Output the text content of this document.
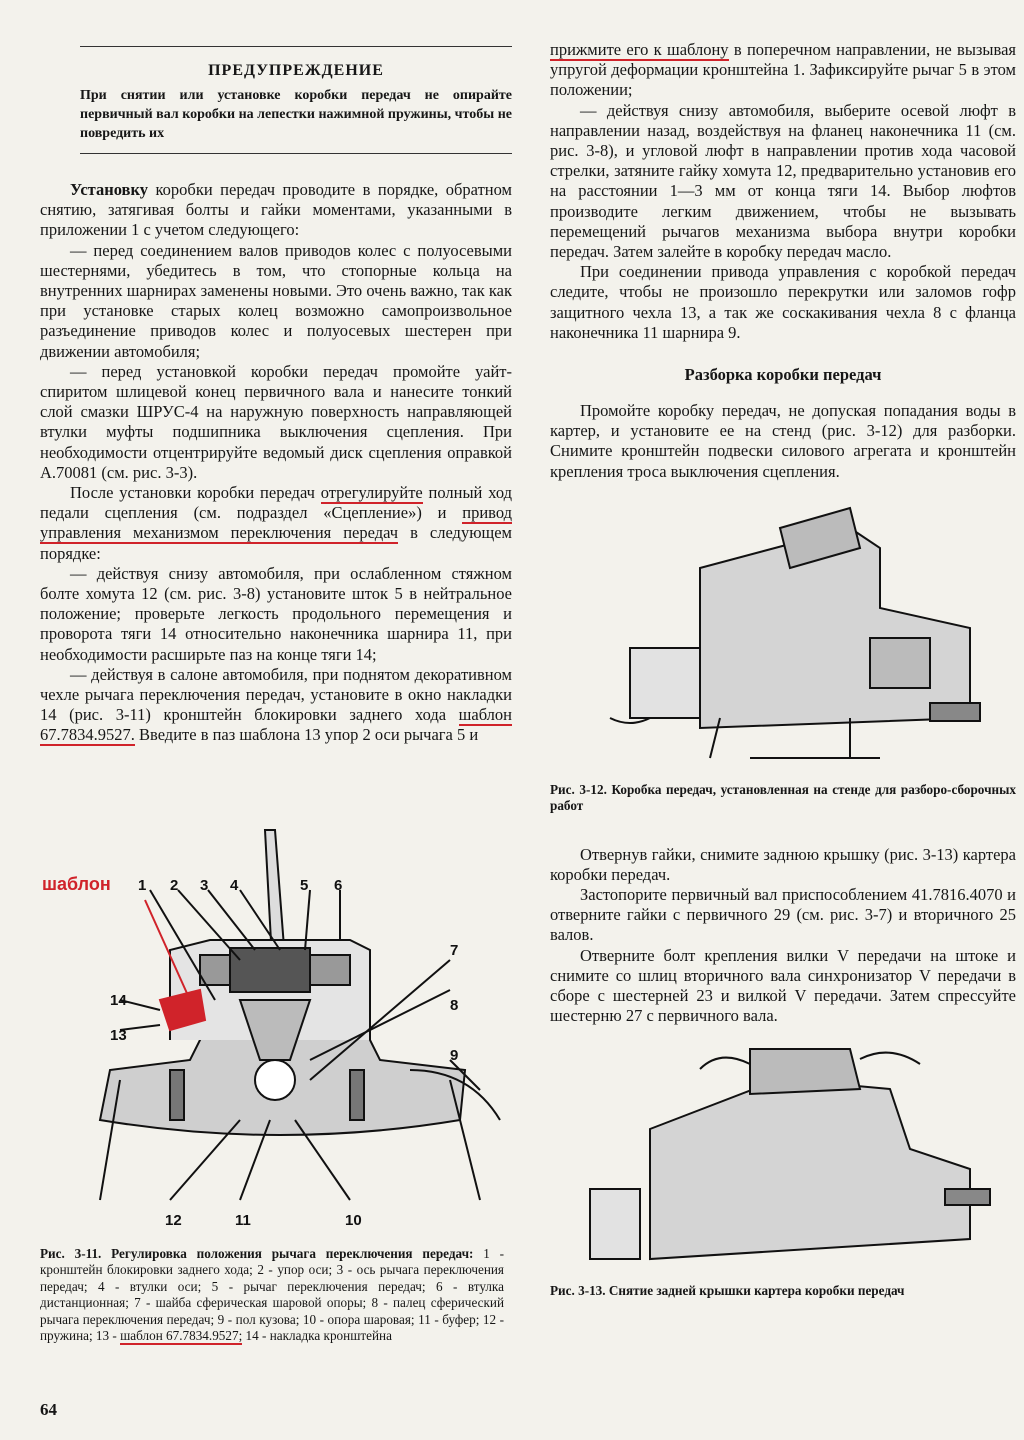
ПРЕДУПРЕЖДЕНИЕ
При снятии или установке коробки передач не опирайте первичный вал коробки на лепестки нажимной пружины, чтобы не повредить их

Установку коробки передач проводите в порядке, обратном снятию, затягивая болты и гайки моментами, указанными в приложении 1 с учетом следующего:

— перед соединением валов приводов колес с полуосевыми шестернями, убедитесь в том, что стопорные кольца на внутренних шарнирах заменены новыми. Это очень важно, так как при установке старых колец возможно самопроизвольное разъединение приводов колес и полуосевых шестерен при движении автомобиля;

— перед установкой коробки передач промойте уайт-спиритом шлицевой конец первичного вала и нанесите тонкий слой смазки ШРУС-4 на наружную поверхность направляющей втулки муфты подшипника выключения сцепления. При необходимости отцентрируйте ведомый диск сцепления оправкой А.70081 (см. рис. 3-3).

После установки коробки передач отрегулируйте полный ход педали сцепления (см. подраздел «Сцепление») и привод управления механизмом переключения передач в следующем порядке:

— действуя снизу автомобиля, при ослабленном стяжном болте хомута 12 (см. рис. 3-8) установите шток 5 в нейтральное положение; проверьте легкость продольного перемещения и проворота тяги 14 относительно наконечника шарнира 11, при необходимости расширьте паз на конце тяги 14;

— действуя в салоне автомобиля, при поднятом декоративном чехле рычага переключения передач, установите в окно накладки 14 (рис. 3-11) кронштейн блокировки заднего хода шаблон 67.7834.9527. Введите в паз шаблона 13 упор 2 оси рычага 5 и

шаблон 1 2 3 4	5 6
7
8
9
10
11
12
13
14
Рис. 3-11. Регулировка положения рычага переключения передач: 1 - кронштейн блокировки заднего хода; 2 - упор оси; 3 - ось рычага переключения передач; 4 - втулки оси; 5 - рычаг переключения передач; 6 - втулка дистанционная; 7 - шайба сферическая шаровой опоры; 8 - палец сферический рычага переключения передач; 9 - пол кузова; 10 - опора шаровая; 11 - буфер; 12 - пружина; 13 - шаблон 67.7834.9527; 14 - накладка кронштейна
64

прижмите его к шаблону в поперечном направлении, не вызывая упругой деформации кронштейна 1. Зафиксируйте рычаг 5 в этом положении;

— действуя снизу автомобиля, выберите осевой люфт в направлении назад, воздействуя на фланец наконечника 11 (см. рис. 3-8), и угловой люфт в направлении против хода часовой стрелки, затяните гайку хомута 12, предварительно установив его на расстоянии 1—3 мм от конца тяги 14. Выбор люфтов производите легким движением, чтобы не вызывать перемещений рычагов механизма выбора внутри коробки передач. Затем залейте в коробку передач масло.

При соединении привода управления с коробкой передач следите, чтобы не произошло перекрутки или заломов гофр защитного чехла 13, а так же соскакивания чехла 8 с фланца наконечника 11 шарнира 9.

Разборка коробки передач

Промойте коробку передач, не допуская попадания воды в картер, и установите ее на стенд (рис. 3-12) для разборки. Снимите кронштейн подвески силового агрегата и кронштейн крепления троса выключения сцепления.

Рис. 3-12. Коробка передач, установленная на стенде для разборо-сборочных работ

Отвернув гайки, снимите заднюю крышку (рис. 3-13) картера коробки передач.

Застопорите первичный вал приспособлением 41.7816.4070 и отверните гайки с первичного 29 (см. рис. 3-7) и вторичного 25 валов.

Отверните болт крепления вилки V передачи на штоке и снимите со шлиц вторичного вала синхронизатор V передачи в сборе с шестерней 23 и вилкой V передачи. Затем спрессуйте шестерню 27 с первичного вала.

Рис. 3-13. Снятие задней крышки картера коробки передач
